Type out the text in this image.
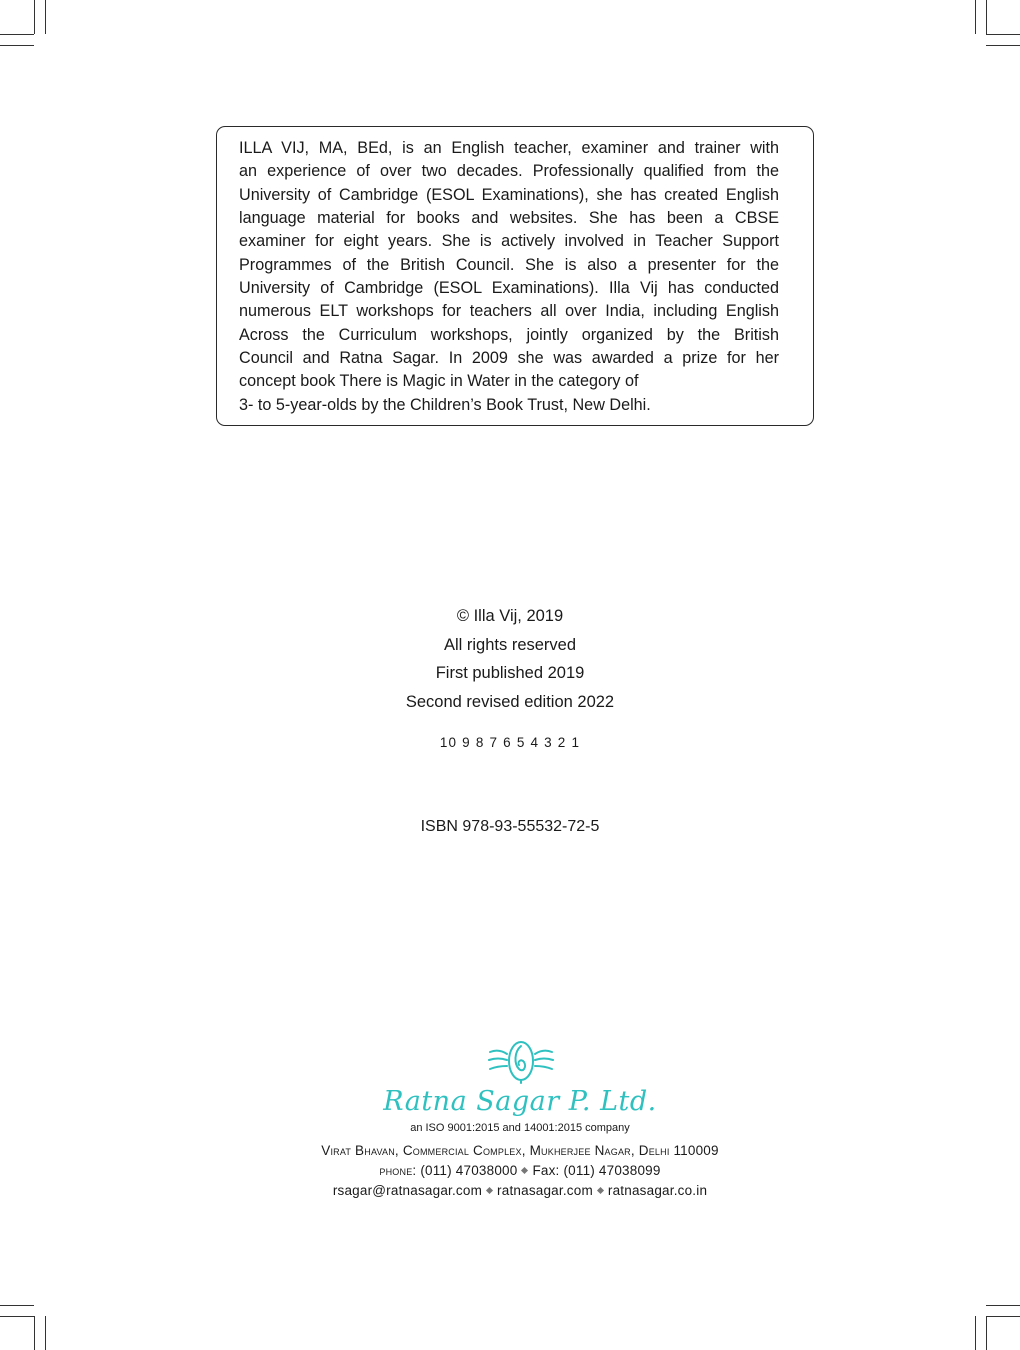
ILLA VIJ, MA, BEd, is an English teacher, examiner and trainer with
an experience of over two decades. Professionally qualified from the
University of Cambridge (ESOL Examinations), she has created English
language material for books and websites. She has been a CBSE
examiner for eight years. She is actively involved in Teacher Support
Programmes of the British Council. She is also a presenter for the
University of Cambridge (ESOL Examinations). Illa Vij has conducted
numerous ELT workshops for teachers all over India, including English
Across the Curriculum workshops, jointly organized by the British
Council and Ratna Sagar. In 2009 she was awarded a prize for her
concept book There is Magic in Water in the category of
3- to 5-year-olds by the Children’s Book Trust, New Delhi.
© Illa Vij, 2019
All rights reserved
First published 2019
Second revised edition 2022
10 9 8 7 6 5 4 3 2 1
ISBN 978-93-55532-72-5
Ratna Sagar P. Ltd.
an ISO 9001:2015 and 14001:2015 company
Virat Bhavan, Commercial Complex, Mukherjee Nagar, Delhi 110009
phone: (011) 47038000 Fax: (011) 47038099
rsagar@ratnasagar.com ratnasagar.com ratnasagar.co.in
